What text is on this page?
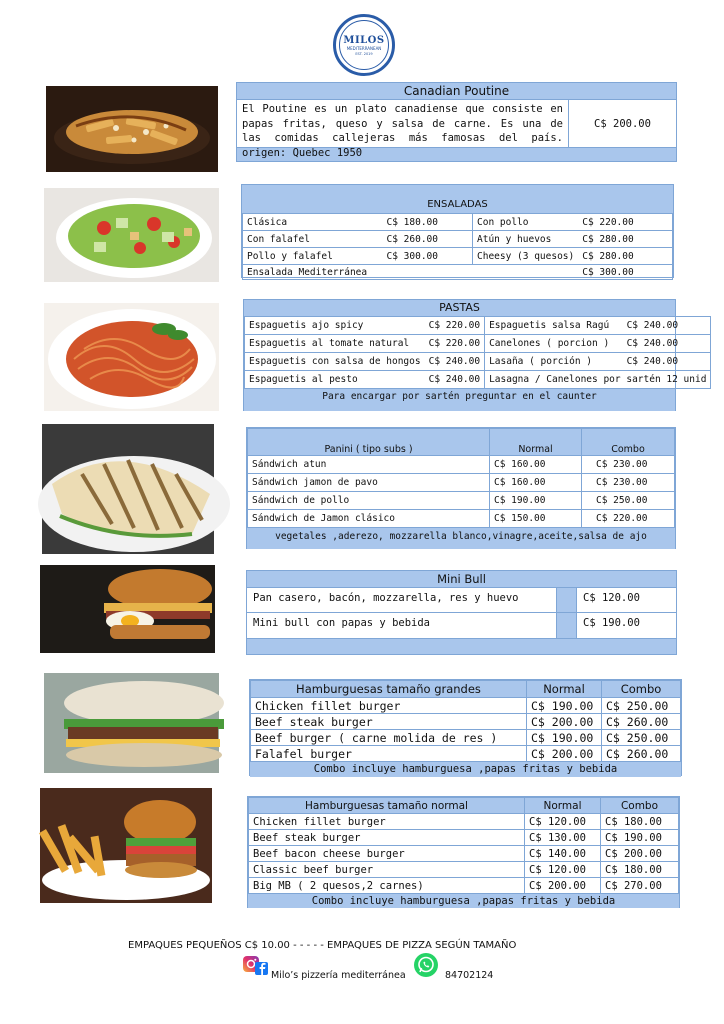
MILOS
MEDITERRANEAN
EST. 2019
Canadian Poutine
El Poutine es un plato canadiense que consiste en papas fritas, queso y salsa de carne. Es una de las comidas callejeras más famosas del país. origen: Quebec 1950
C$ 200.00
ENSALADAS
Clásica	C$ 180.00	Con pollo	C$ 220.00
Con falafel	C$ 260.00	Atún y huevos	C$ 280.00
Pollo y falafel	C$ 300.00	Cheesy (3 quesos)	C$ 280.00
Ensalada Mediterránea			C$ 300.00
PASTAS
Espaguetis ajo spicy	C$ 220.00	Espaguetis salsa Ragú	C$ 240.00
Espaguetis al tomate natural	C$ 220.00	Canelones ( porcion )	C$ 240.00
Espaguetis con salsa de hongos	C$ 240.00	Lasaña ( porción )	C$ 240.00
Espaguetis al pesto	C$ 240.00	Lasagna / Canelones por sartén 12 unid	
Para encargar por sartén preguntar en el caunter
Panini ( tipo subs )	Normal	Combo
Sándwich atun	C$ 160.00	C$ 230.00
Sándwich jamon de pavo	C$ 160.00	C$ 230.00
Sándwich de pollo	C$ 190.00	C$ 250.00
Sándwich de Jamon clásico	C$ 150.00	C$ 220.00
vegetales ,aderezo, mozzarella blanco,vinagre,aceite,salsa de ajo
Mini Bull
Pan casero, bacón, mozzarella, res y huevo	C$ 120.00
Mini bull con papas y bebida	C$ 190.00
Hamburguesas tamaño grandes	Normal	Combo
Chicken fillet burger	C$ 190.00	C$ 250.00
Beef steak burger	C$ 200.00	C$ 260.00
Beef burger ( carne molida de res )	C$ 190.00	C$ 250.00
Falafel burger	C$ 200.00	C$ 260.00
Combo incluye hamburguesa ,papas fritas y bebida
Hamburguesas tamaño normal	Normal	Combo
Chicken fillet burger	C$ 120.00	C$ 180.00
Beef steak burger	C$ 130.00	C$ 190.00
Beef bacon cheese burger	C$ 140.00	C$ 200.00
Classic beef burger	C$ 120.00	C$ 180.00
Big MB ( 2 quesos,2 carnes)	C$ 200.00	C$ 270.00
Combo incluye hamburguesa ,papas fritas y bebida
EMPAQUES PEQUEÑOS C$ 10.00 - - - - - EMPAQUES DE PIZZA SEGÚN TAMAÑO
Milo’s pizzería mediterránea	84702124
